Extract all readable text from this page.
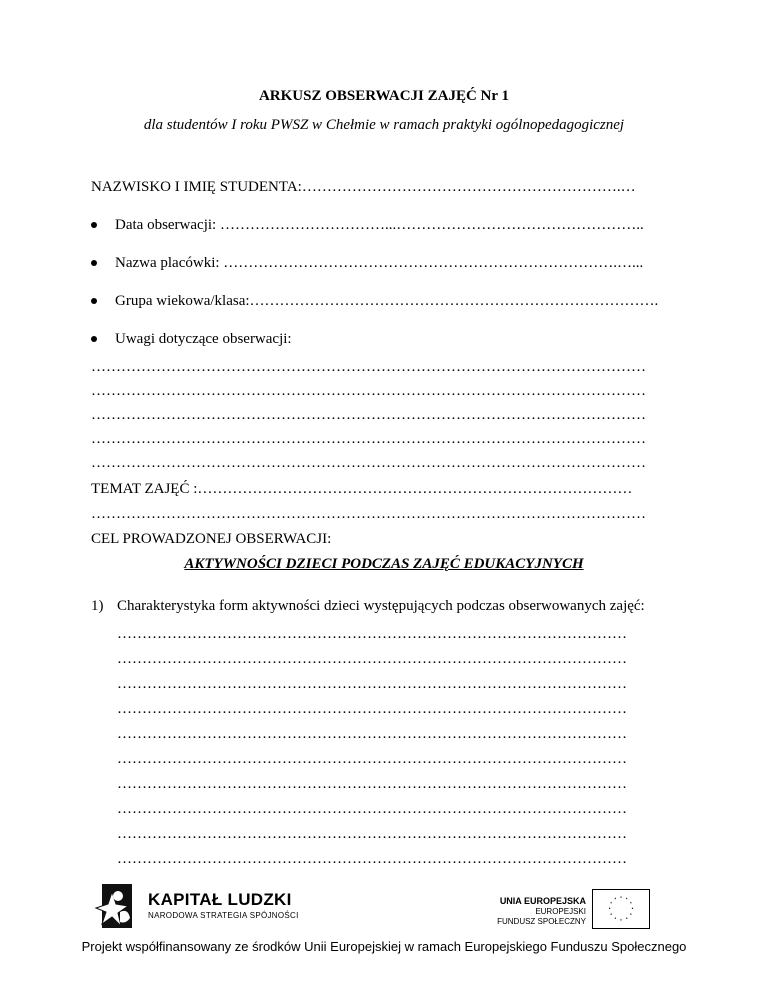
ARKUSZ OBSERWACJI ZAJĘĆ Nr 1
dla studentów I roku PWSZ w Chełmie w ramach praktyki ogólnopedagogicznej
NAZWISKO I IMIĘ STUDENTA:……………………………………………………….…
Data obserwacji: ……………………………...…………………………………………..
Nazwa placówki: …………………………………………………………………….…...
Grupa wiekowa/klasa:……………………………………………………………………….
Uwagi dotyczące obserwacji:
…………………………………………………………………………………………………
…………………………………………………………………………………………………
…………………………………………………………………………………………………
…………………………………………………………………………………………………
…………………………………………………………………………………………………
TEMAT ZAJĘĆ :……………………………………………………………………………
…………………………………………………………………………………………………
CEL PROWADZONEJ OBSERWACJI:
AKTYWNOŚCI DZIECI PODCZAS ZAJĘĆ EDUKACYJNYCH
1) Charakterystyka form aktywności dzieci występujących podczas obserwowanych zajęć:
…………………………………………………………………………………………
…………………………………………………………………………………………
…………………………………………………………………………………………
…………………………………………………………………………………………
…………………………………………………………………………………………
…………………………………………………………………………………………
…………………………………………………………………………………………
…………………………………………………………………………………………
…………………………………………………………………………………………
…………………………………………………………………………………………
KAPITAŁ LUDZKI
NARODOWA STRATEGIA SPÓJNOŚCI
UNIA EUROPEJSKA
EUROPEJSKI
FUNDUSZ SPOŁECZNY
Projekt współfinansowany ze środków Unii Europejskiej w ramach Europejskiego Funduszu Społecznego
